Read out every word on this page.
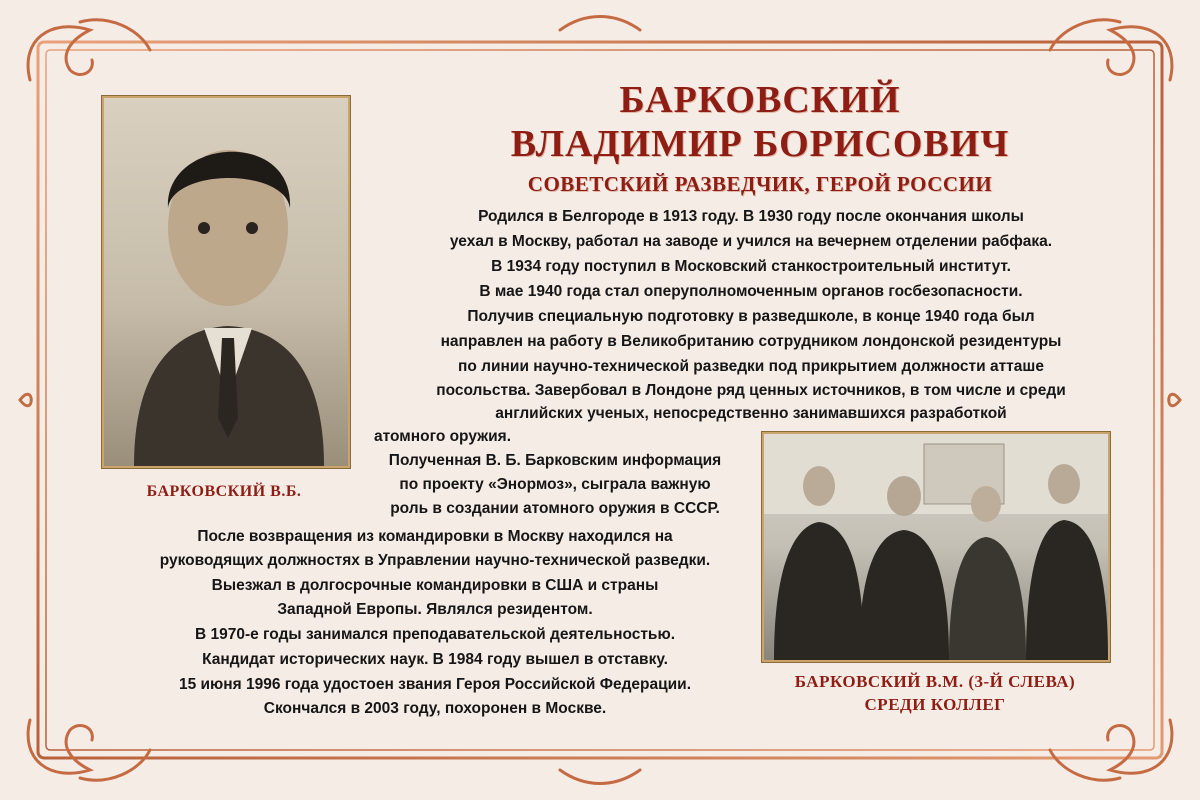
БАРКОВСКИЙ
ВЛАДИМИР БОРИСОВИЧ
СОВЕТСКИЙ РАЗВЕДЧИК, ГЕРОЙ РОССИИ

БАРКОВСКИЙ В.Б.

БАРКОВСКИЙ В.М. (3-Й СЛЕВА)

СРЕДИ КОЛЛЕГ

Родился в Белгороде в 1913 году. В 1930 году после окончания школы

уехал в Москву, работал на заводе и учился на вечернем отделении рабфака.

В 1934 году поступил в Московский станкостроительный институт.

В мае 1940 года стал оперуполномоченным органов госбезопасности.

Получив специальную подготовку в разведшколе, в конце 1940 года был

направлен на работу в Великобританию сотрудником лондонской резидентуры

по линии научно-технической разведки под прикрытием должности атташе

посольства. Завербовал в Лондоне ряд ценных источников, в том числе и среди

английских ученых, непосредственно занимавшихся разработкой

атомного оружия.

Полученная В. Б. Барковским информация

по проекту «Энормоз», сыграла важную

роль в создании атомного оружия в СССР.

После возвращения из командировки в Москву находился на

руководящих должностях в Управлении научно-технической разведки.

Выезжал в долгосрочные командировки в США и страны

Западной Европы. Являлся резидентом.

В 1970-е годы занимался преподавательской деятельностью.

Кандидат исторических наук. В 1984 году вышел в отставку.

15 июня 1996 года удостоен звания Героя Российской Федерации.

Скончался в 2003 году, похоронен в Москве.
